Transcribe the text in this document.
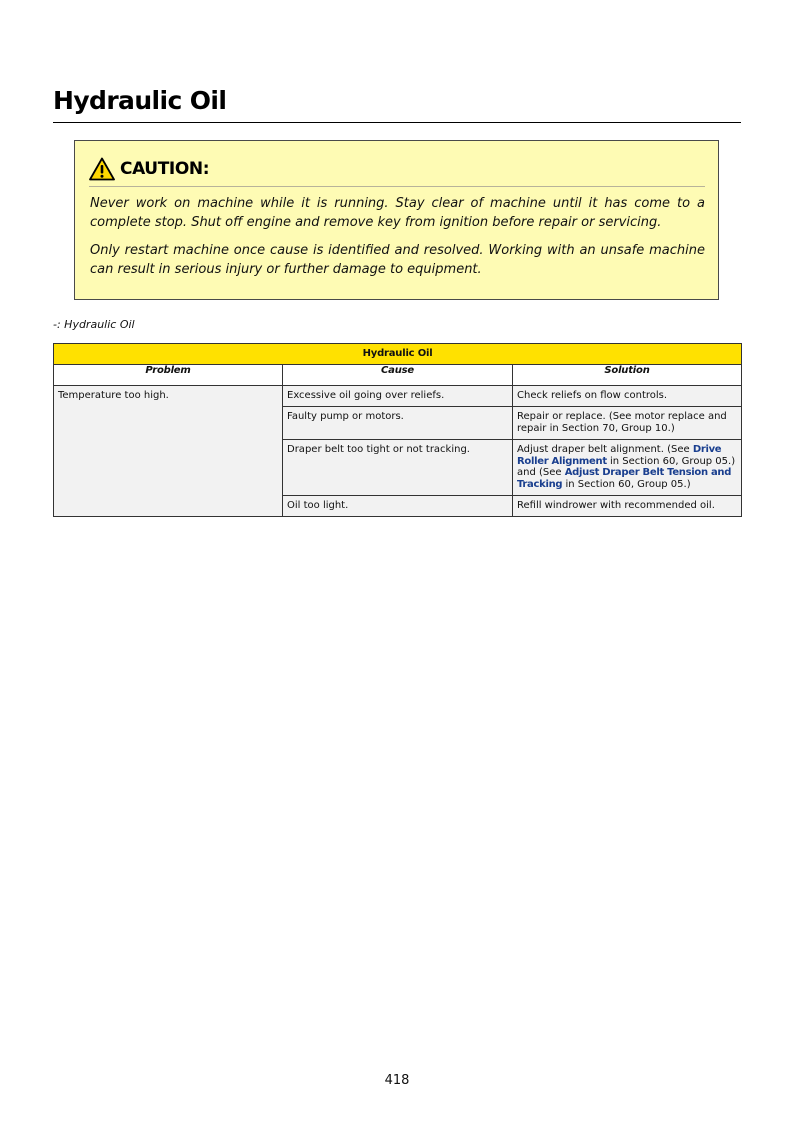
Hydraulic Oil
CAUTION:

Never work on machine while it is running. Stay clear of machine until it has come to a complete stop. Shut off engine and remove key from ignition before repair or servicing.

Only restart machine once cause is identified and resolved. Working with an unsafe machine can result in serious injury or further damage to equipment.

-: Hydraulic Oil
Hydraulic Oil		
Problem	Cause	Solution
Temperature too high.	Excessive oil going over reliefs.	Check reliefs on flow controls.
	Faulty pump or motors.	Repair or replace. (See motor replace and repair in Section 70, Group 10.)
	Draper belt too tight or not tracking.	Adjust draper belt alignment. (See Drive Roller Alignment in Section 60, Group 05.) and (See Adjust Draper Belt Tension and Tracking in Section 60, Group 05.)
	Oil too light.	Refill windrower with recommended oil.
418
